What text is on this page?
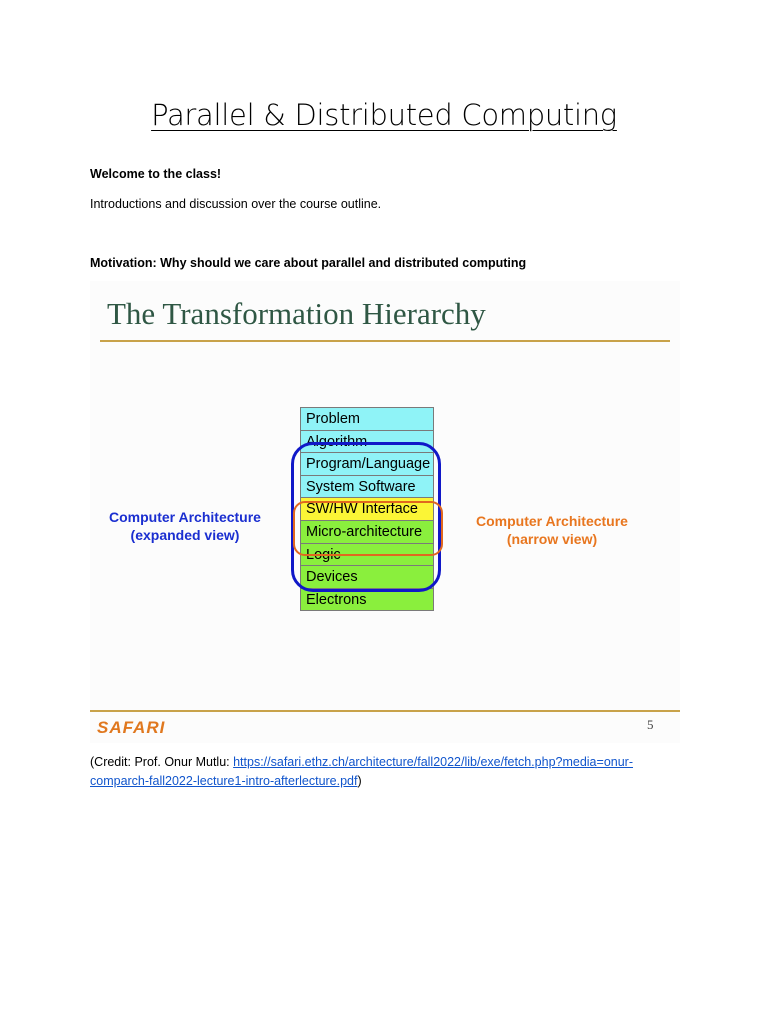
Parallel & Distributed Computing
Welcome to the class!
Introductions and discussion over the course outline.
Motivation: Why should we care about parallel and distributed computing
The Transformation Hierarchy
Computer Architecture
(expanded view)
Problem
Algorithm
Program/Language
System Software
SW/HW Interface
Micro-architecture
Logic
Devices
Electrons
Computer Architecture
(narrow view)
SAFARI	5
(Credit: Prof. Onur Mutlu: https://safari.ethz.ch/architecture/fall2022/lib/exe/fetch.php?media=onur-comparch-fall2022-lecture1-intro-afterlecture.pdf)
